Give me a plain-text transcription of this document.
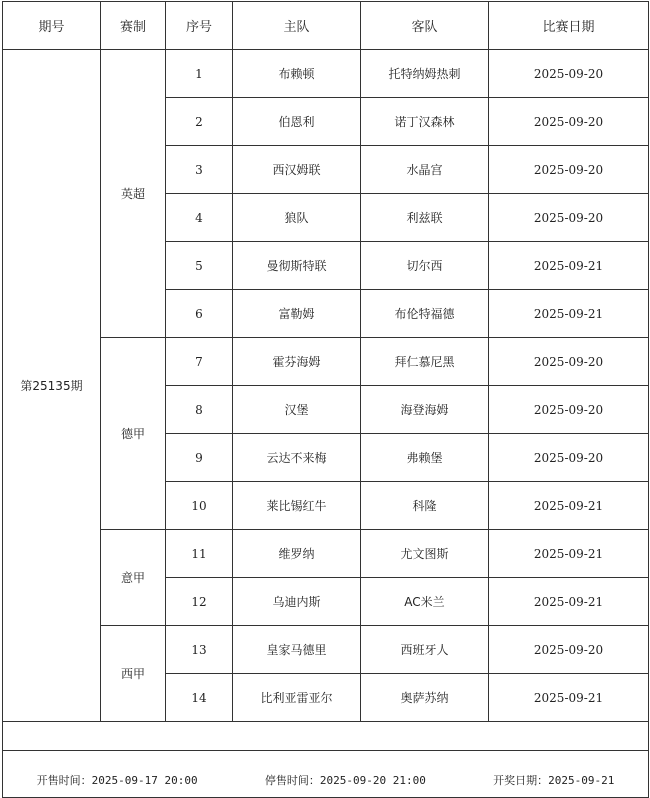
期号	赛制	序号	主队	客队	比赛日期
第25135期	英超	1	布赖顿	托特纳姆热刺	2025-09-20
		2	伯恩利	诺丁汉森林	2025-09-20
		3	西汉姆联	水晶宫	2025-09-20
		4	狼队	利兹联	2025-09-20
		5	曼彻斯特联	切尔西	2025-09-21
		6	富勒姆	布伦特福德	2025-09-21
	德甲	7	霍芬海姆	拜仁慕尼黑	2025-09-20
		8	汉堡	海登海姆	2025-09-20
		9	云达不来梅	弗赖堡	2025-09-20
		10	莱比锡红牛	科隆	2025-09-21
	意甲	11	维罗纳	尤文图斯	2025-09-21
		12	乌迪内斯	AC米兰	2025-09-21
	西甲	13	皇家马德里	西班牙人	2025-09-20
		14	比利亚雷亚尔	奥萨苏纳	2025-09-21

开售时间：2025-09-17 20:00 停售时间：2025-09-20 21:00 开奖日期：2025-09-21					
